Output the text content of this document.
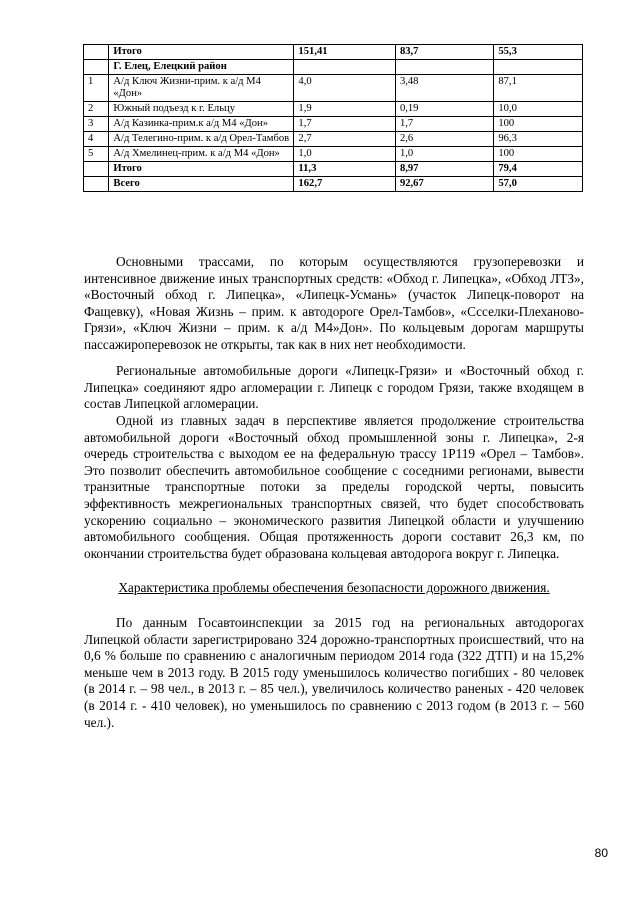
	Итого	151,41	83,7	55,3
	Г. Елец, Елецкий район			
1	А/д Ключ Жизни-прим. к а/д М4 «Дон»	4,0	3,48	87,1
2	Южный подъезд к г. Ельцу	1,9	0,19	10,0
3	А/д Казинка-прим.к а/д М4 «Дон»	1,7	1,7	100
4	А/д Телегино-прим. к а/д Орел-Тамбов	2,7	2,6	96,3
5	А/д Хмелинец-прим. к а/д М4 «Дон»	1,0	1,0	100
	Итого	11,3	8,97	79,4
	Всего	162,7	92,67	57,0

Основными трассами, по которым осуществляются грузоперевозки и интенсивное движение иных транспортных средств: «Обход г. Липецка», «Обход ЛТЗ», «Восточный обход г. Липецка», «Липецк-Усмань» (участок Липецк-поворот на Фащевку), «Новая Жизнь – прим. к автодороге Орел-Тамбов», «Ссселки-Плеханово-Грязи», «Ключ Жизни – прим. к а/д М4»Дон». По кольцевым дорогам маршруты пассажироперевозок не открыты, так как в них нет необходимости.

Региональные автомобильные дороги «Липецк-Грязи» и «Восточный обход г. Липецка» соединяют ядро агломерации г. Липецк с городом Грязи, также входящем в состав Липецкой агломерации.

Одной из главных задач в перспективе является продолжение строительства автомобильной дороги «Восточный обход промышленной зоны г. Липецка», 2-я очередь строительства с выходом ее на федеральную трассу 1Р119 «Орел – Тамбов». Это позволит обеспечить автомобильное сообщение с соседними регионами, вывести транзитные транспортные потоки за пределы городской черты, повысить эффективность межрегиональных транспортных связей, что будет способствовать ускорению социально – экономического развития Липецкой области и улучшению автомобильного сообщения. Общая протяженность дороги составит 26,3 км, по окончании строительства будет образована кольцевая автодорога вокруг г. Липецка.

Характеристика проблемы обеспечения безопасности дорожного движения.

По данным Госавтоинспекции за 2015 год на региональных автодорогах Липецкой области зарегистрировано 324 дорожно-транспортных происшествий, что на 0,6 % больше по сравнению с аналогичным периодом 2014 года (322 ДТП) и на 15,2% меньше чем в 2013 году. В 2015 году уменьшилось количество погибших - 80 человек (в 2014 г. – 98 чел., в 2013 г. – 85 чел.), увеличилось количество раненых - 420 человек (в 2014 г. - 410 человек), но уменьшилось по сравнению с 2013 годом (в 2013 г. – 560 чел.).

80
